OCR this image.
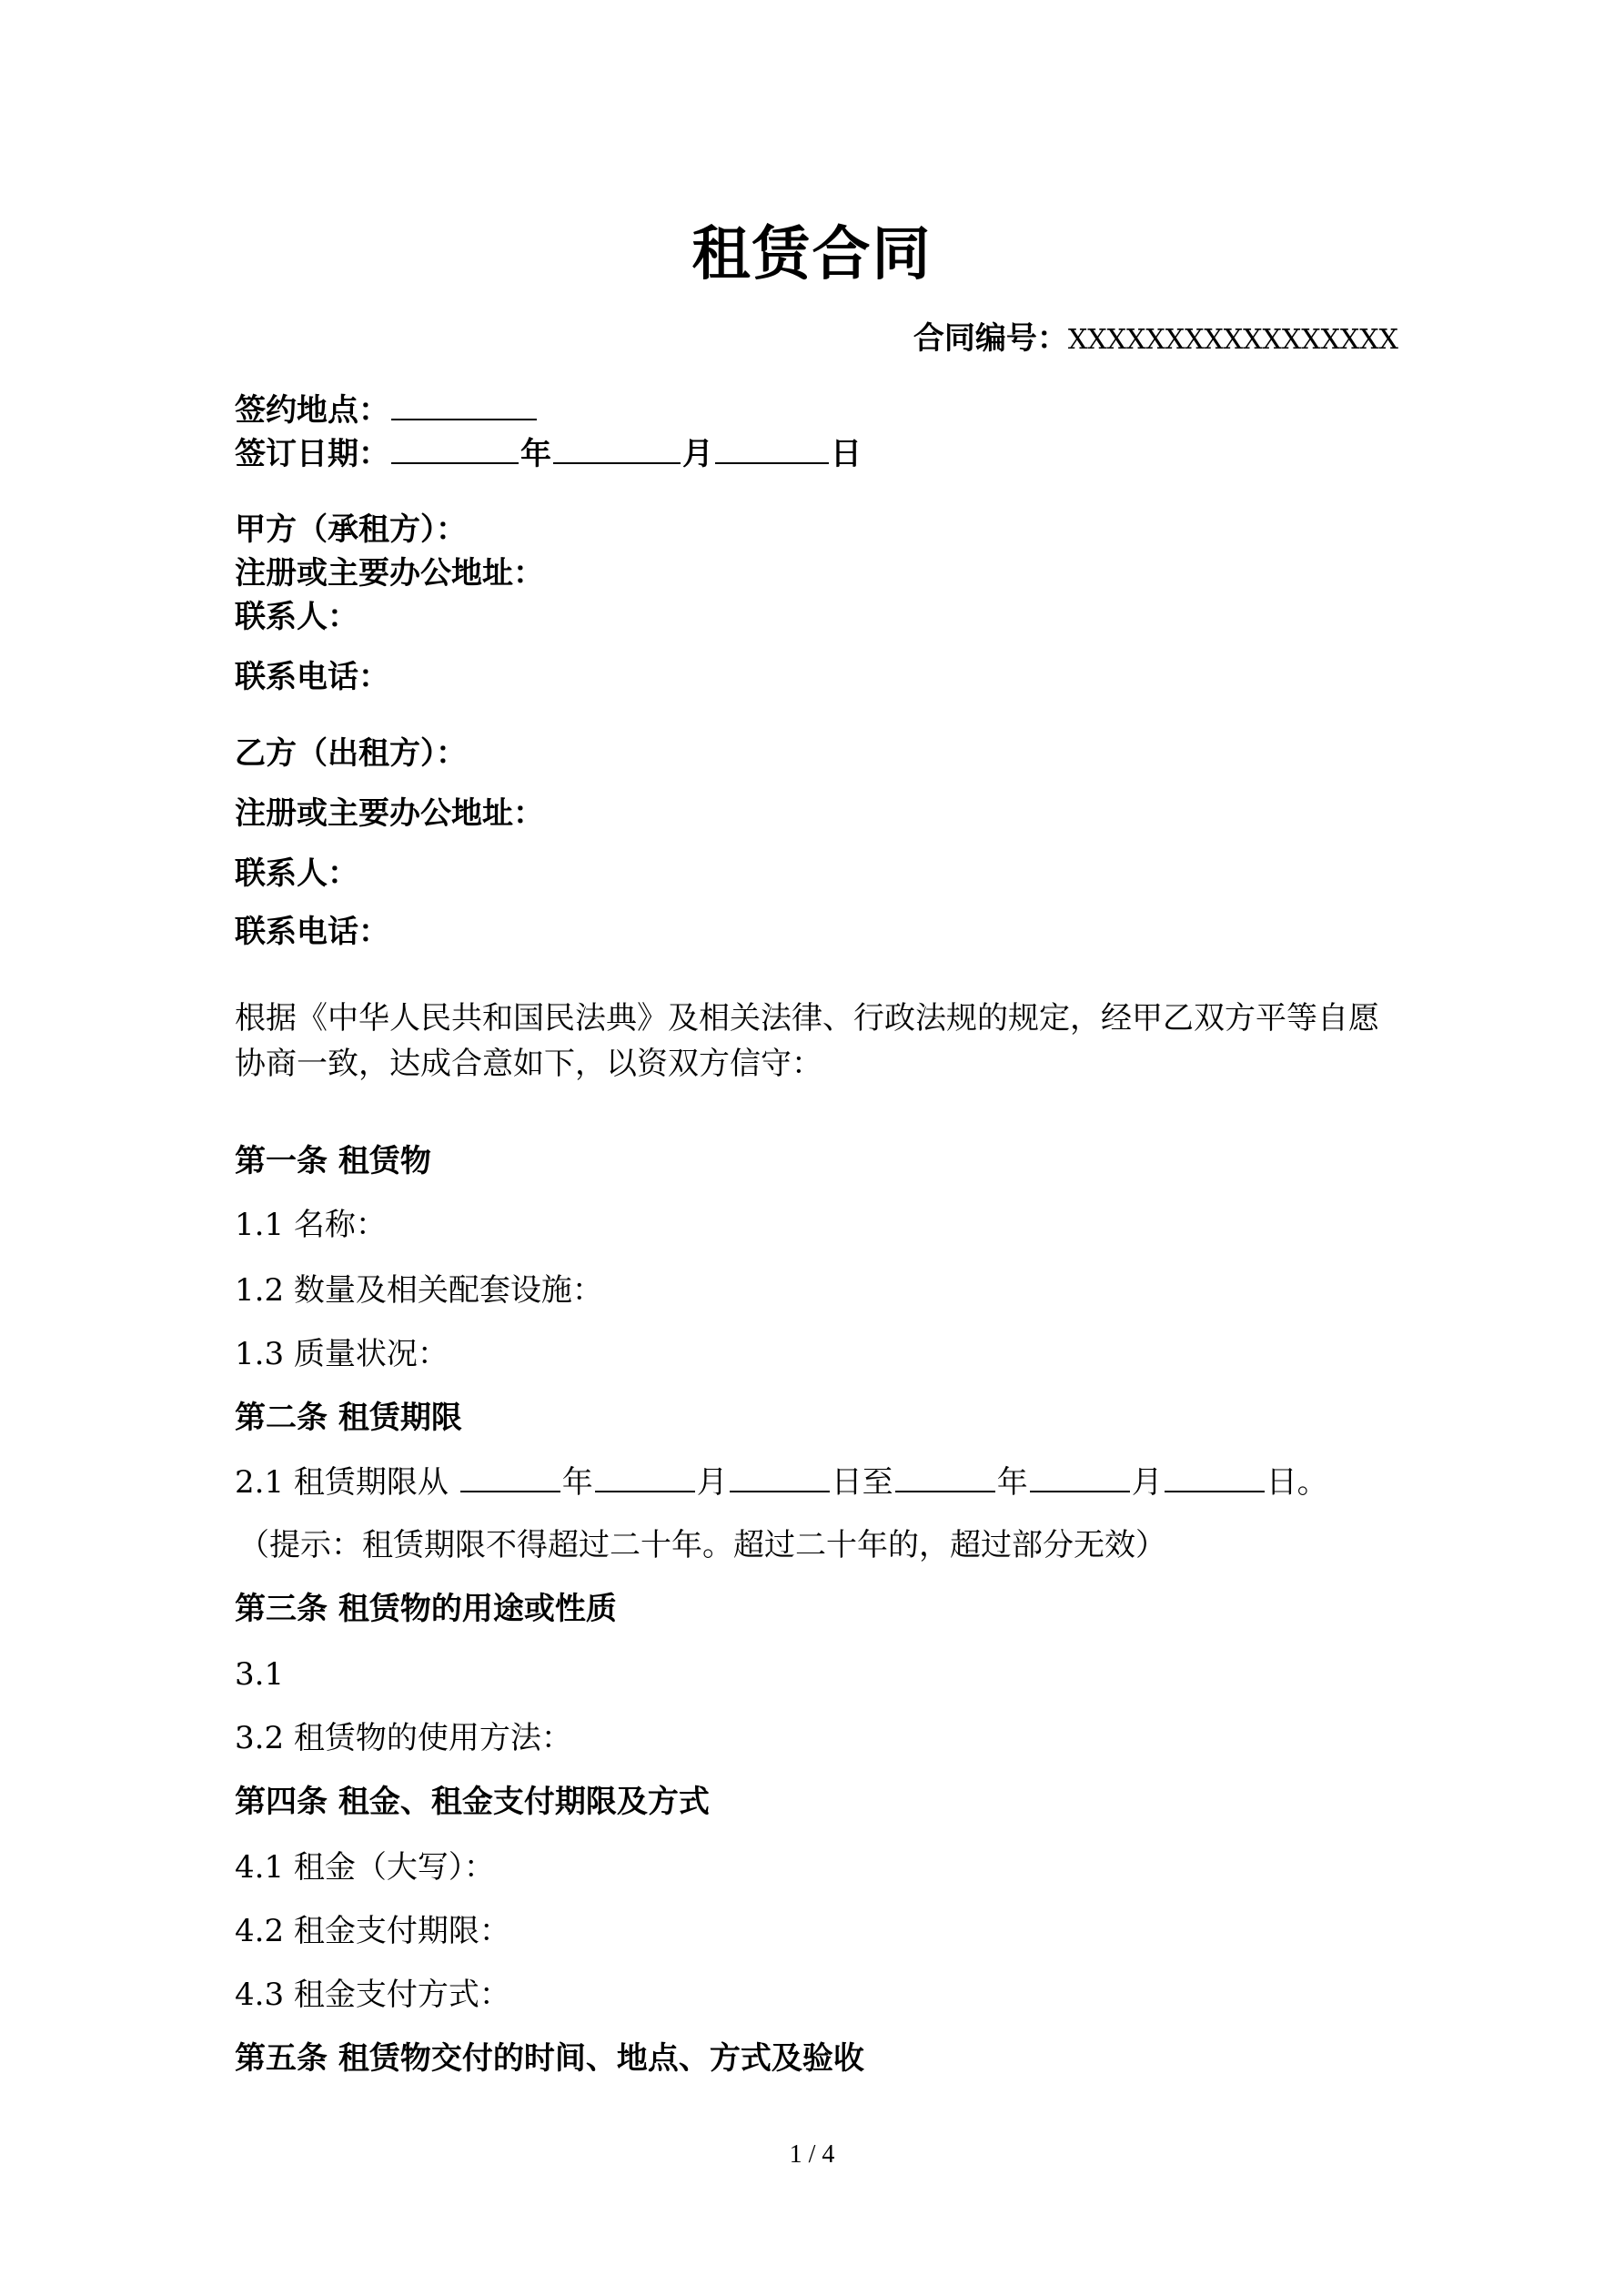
租赁合同
合同编号：XXXXXXXXXXXXXXXXX
签约地点：
签订日期：	年	月	日
甲方（承租方）：
注册或主要办公地址：
联系人：
联系电话：
乙方（出租方）：
注册或主要办公地址：
联系人：
联系电话：
根据《中华人民共和国民法典》及相关法律、行政法规的规定，经甲乙双方平等自愿协商一致，达成合意如下，以资双方信守：
第一条 租赁物
1.1 名称：
1.2 数量及相关配套设施：
1.3 质量状况：
第二条 租赁期限
2.1 租赁期限从	年	月	日至	年	月	日。
（提示：租赁期限不得超过二十年。超过二十年的，超过部分无效）
第三条 租赁物的用途或性质
3.1
3.2 租赁物的使用方法：
第四条 租金、租金支付期限及方式
4.1 租金（大写）：
4.2 租金支付期限：
4.3 租金支付方式：
第五条 租赁物交付的时间、地点、方式及验收
1 / 4
